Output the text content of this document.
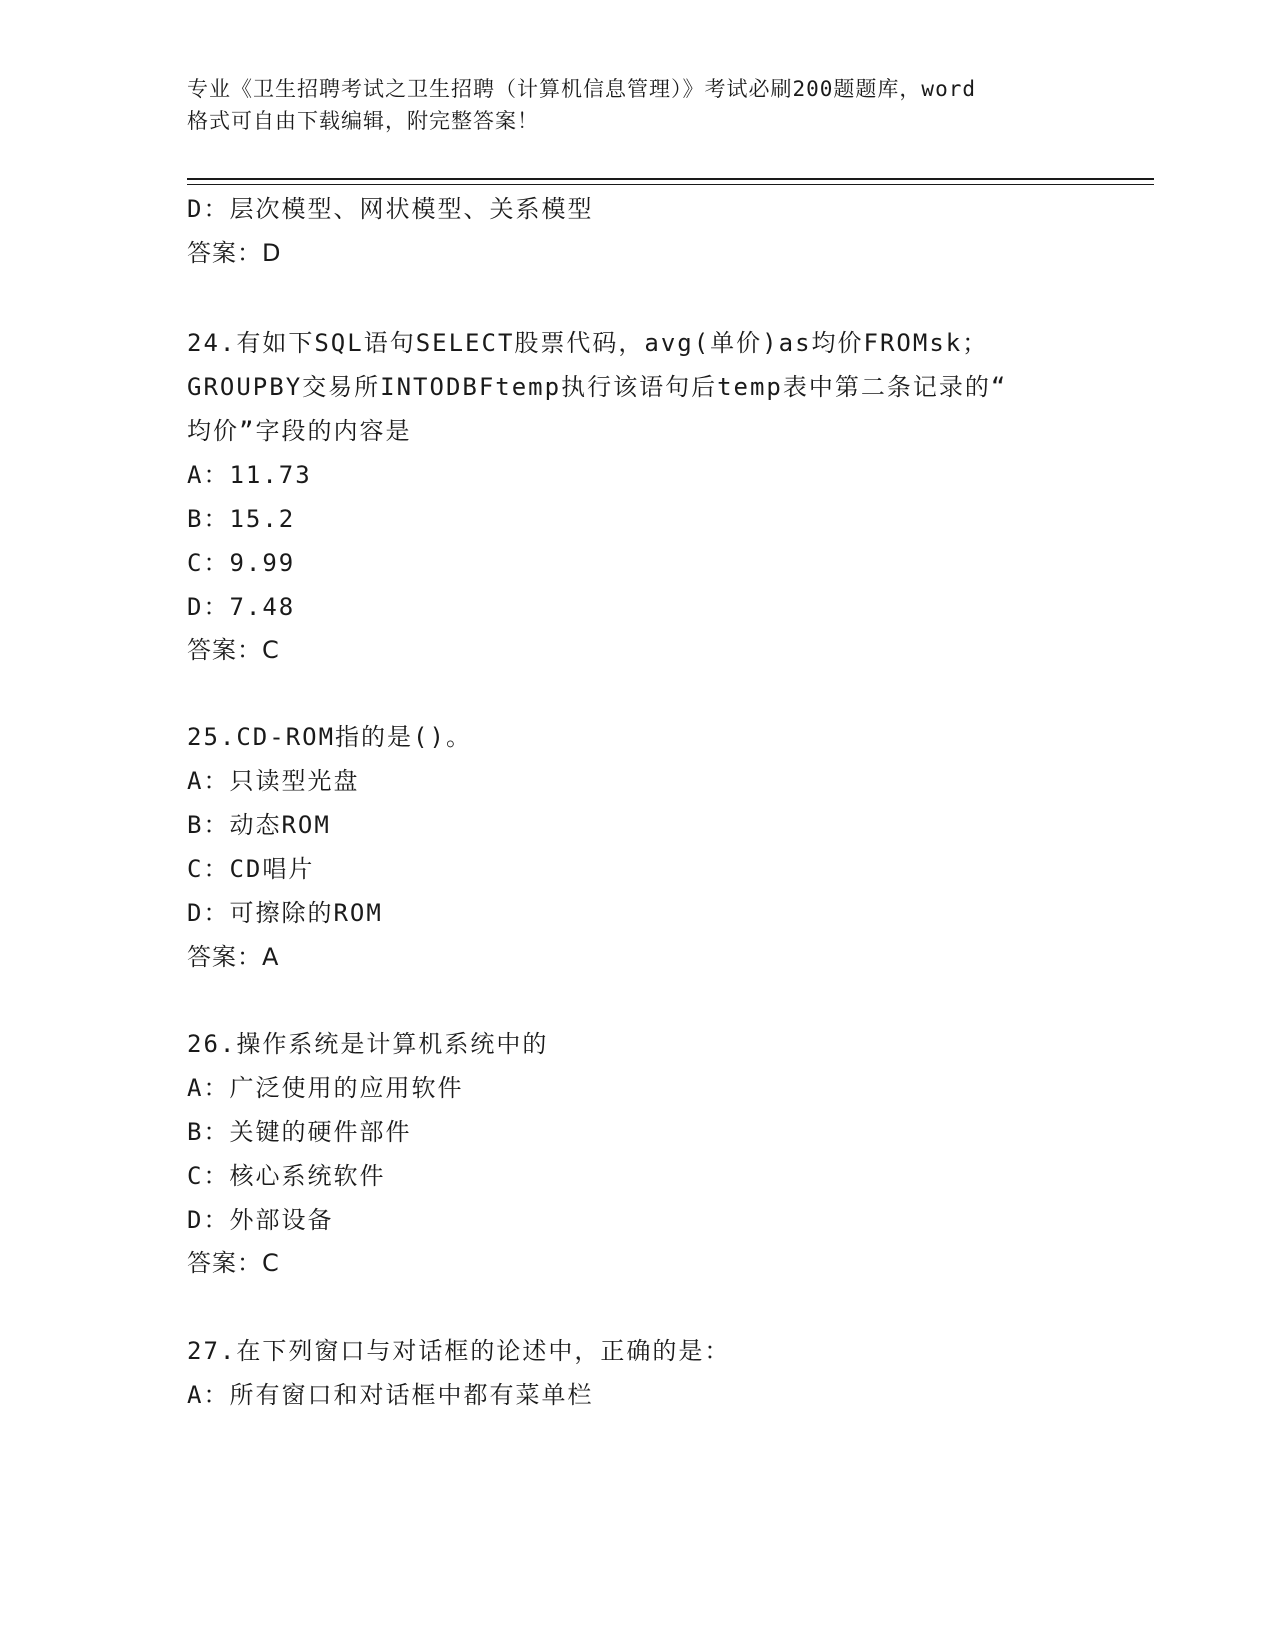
专业《卫生招聘考试之卫生招聘（计算机信息管理）》考试必刷200题题库，word
格式可自由下载编辑，附完整答案！
D：层次模型、网状模型、关系模型
答案：D
24.有如下SQL语句SELECT股票代码，avg(单价)as均价FROMsk；
GROUPBY交易所INTODBFtemp执行该语句后temp表中第二条记录的“
均价”字段的内容是
A：11.73
B：15.2
C：9.99
D：7.48
答案：C
25.CD-ROM指的是()。
A：只读型光盘
B：动态ROM
C：CD唱片
D：可擦除的ROM
答案：A
26.操作系统是计算机系统中的
A：广泛使用的应用软件
B：关键的硬件部件
C：核心系统软件
D：外部设备
答案：C
27.在下列窗口与对话框的论述中，正确的是：
A：所有窗口和对话框中都有菜单栏
